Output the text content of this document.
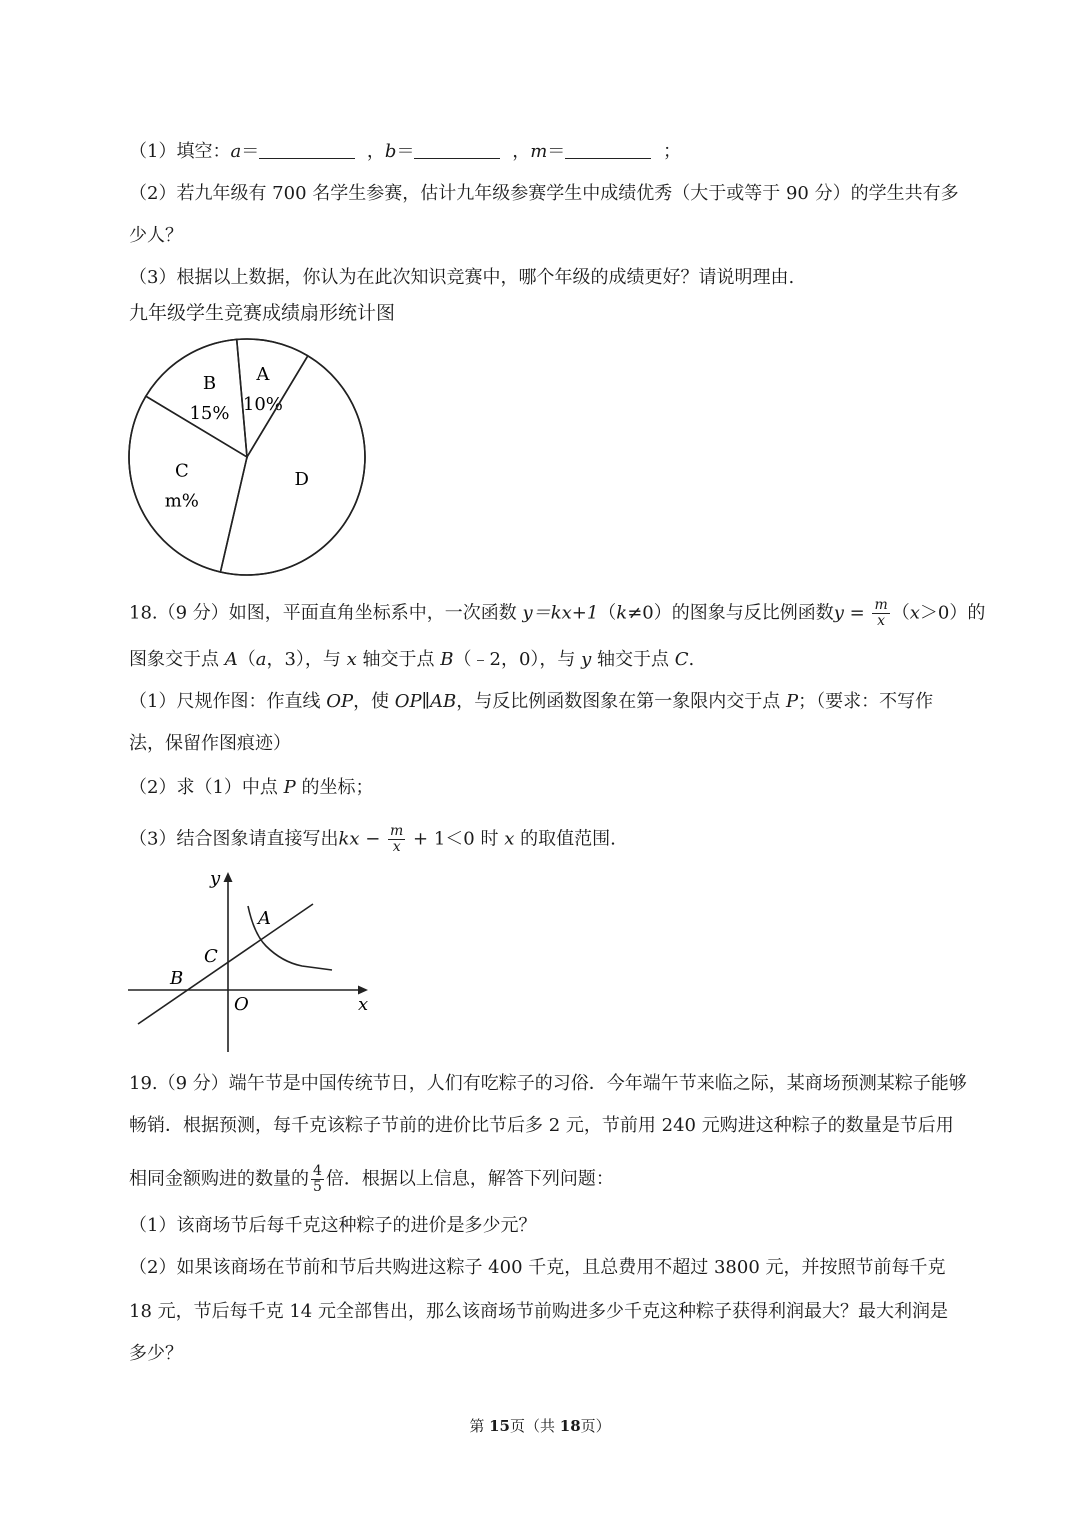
（1）填空：a＝	，b＝	，m＝	；
（2）若九年级有 700 名学生参赛，估计九年级参赛学生中成绩优秀（大于或等于 90 分）的学生共有多
少人？
（3）根据以上数据，你认为在此次知识竞赛中，哪个年级的成绩更好？请说明理由.
九年级学生竞赛成绩扇形统计图
A
10%
D
C
m%
B
15%
18.（9 分）如图，平面直角坐标系中，一次函数 y＝kx+1（k≠0）的图象与反比例函数$y = \frac{m}{x} (x>0)$的
图象交于点 A（a，3），与 x 轴交于点 B（﹣2，0），与 y 轴交于点 C.
（1）尺规作图：作直线 OP，使 OP∥AB，与反比例函数图象在第一象限内交于点 P；（要求：不写作
法，保留作图痕迹）
（2）求（1）中点 P 的坐标；
（3）结合图象请直接写出kx − $\frac{m}{x} + 1<0$ 时 x 的取值范围.
y
x
A
B
C
O
19.（9 分）端午节是中国传统节日，人们有吃粽子的习俗．今年端午节来临之际，某商场预测某粽子能够
畅销．根据预测，每千克该粽子节前的进价比节后多 2 元，节前用 240 元购进这种粽子的数量是节后用
相同金额购进的数量的 $\frac{4}{5}$ 倍．根据以上信息，解答下列问题：
（1）该商场节后每千克这种粽子的进价是多少元？
（2）如果该商场在节前和节后共购进这粽子 400 千克，且总费用不超过 3800 元，并按照节前每千克
18 元，节后每千克 14 元全部售出，那么该商场节前购进多少千克这种粽子获得利润最大？最大利润是
多少？
第 15页（共 18页）
